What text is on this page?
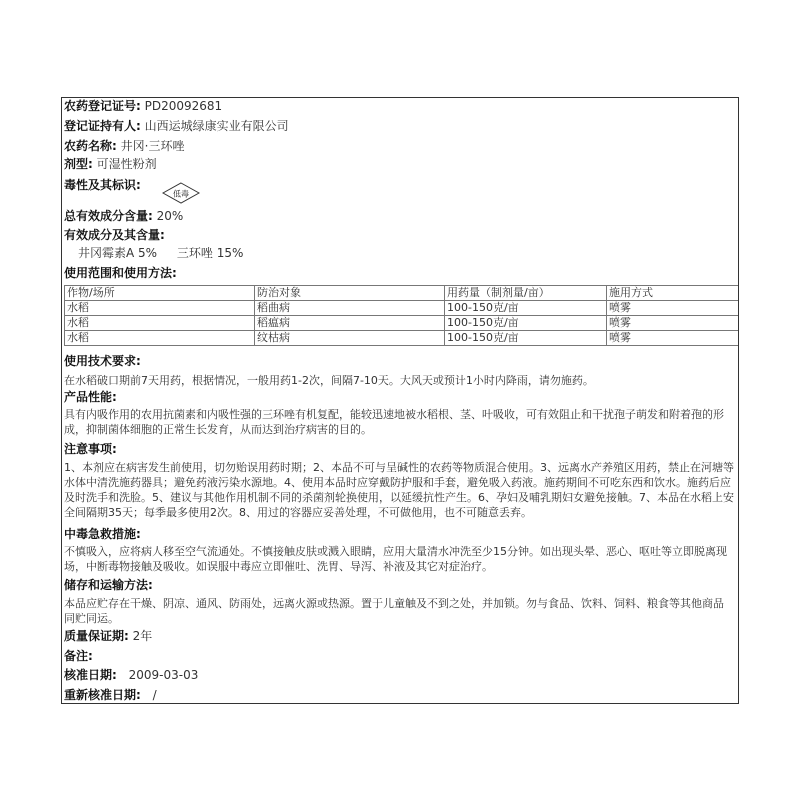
农药登记证号: PD20092681
登记证持有人: 山西运城绿康实业有限公司
农药名称: 井冈·三环唑
剂型: 可湿性粉剂
毒性及其标识:
低毒
总有效成分含量: 20%
有效成分及其含量:
井冈霉素A 5% 三环唑 15%
使用范围和使用方法:
作物/场所	防治对象	用药量（制剂量/亩）	施用方式
水稻	稻曲病	100-150克/亩	喷雾
水稻	稻瘟病	100-150克/亩	喷雾
水稻	纹枯病	100-150克/亩	喷雾
使用技术要求:
在水稻破口期前7天用药，根据情况，一般用药1-2次，间隔7-10天。大风天或预计1小时内降雨，请勿施药。
产品性能:
具有内吸作用的农用抗菌素和内吸性强的三环唑有机复配，能较迅速地被水稻根、茎、叶吸收，可有效阻止和干扰孢子萌发和附着孢的形成，抑制菌体细胞的正常生长发育，从而达到治疗病害的目的。
注意事项:
1、本剂应在病害发生前使用，切勿贻误用药时期；2、本品不可与呈碱性的农药等物质混合使用。3、远离水产养殖区用药，禁止在河塘等水体中清洗施药器具；避免药液污染水源地。4、使用本品时应穿戴防护服和手套，避免吸入药液。施药期间不可吃东西和饮水。施药后应及时洗手和洗脸。5、建议与其他作用机制不同的杀菌剂轮换使用，以延缓抗性产生。6、孕妇及哺乳期妇女避免接触。7、本品在水稻上安全间隔期35天；每季最多使用2次。8、用过的容器应妥善处理，不可做他用，也不可随意丢弃。
中毒急救措施:
不慎吸入，应将病人移至空气流通处。不慎接触皮肤或溅入眼睛，应用大量清水冲洗至少15分钟。如出现头晕、恶心、呕吐等立即脱离现场，中断毒物接触及吸收。如误服中毒应立即催吐、洗胃、导泻、补液及其它对症治疗。
储存和运输方法:
本品应贮存在干燥、阴凉、通风、防雨处，远离火源或热源。置于儿童触及不到之处，并加锁。勿与食品、饮料、饲料、粮食等其他商品同贮同运。
质量保证期: 2年
备注:
核准日期: 2009-03-03
重新核准日期: /
